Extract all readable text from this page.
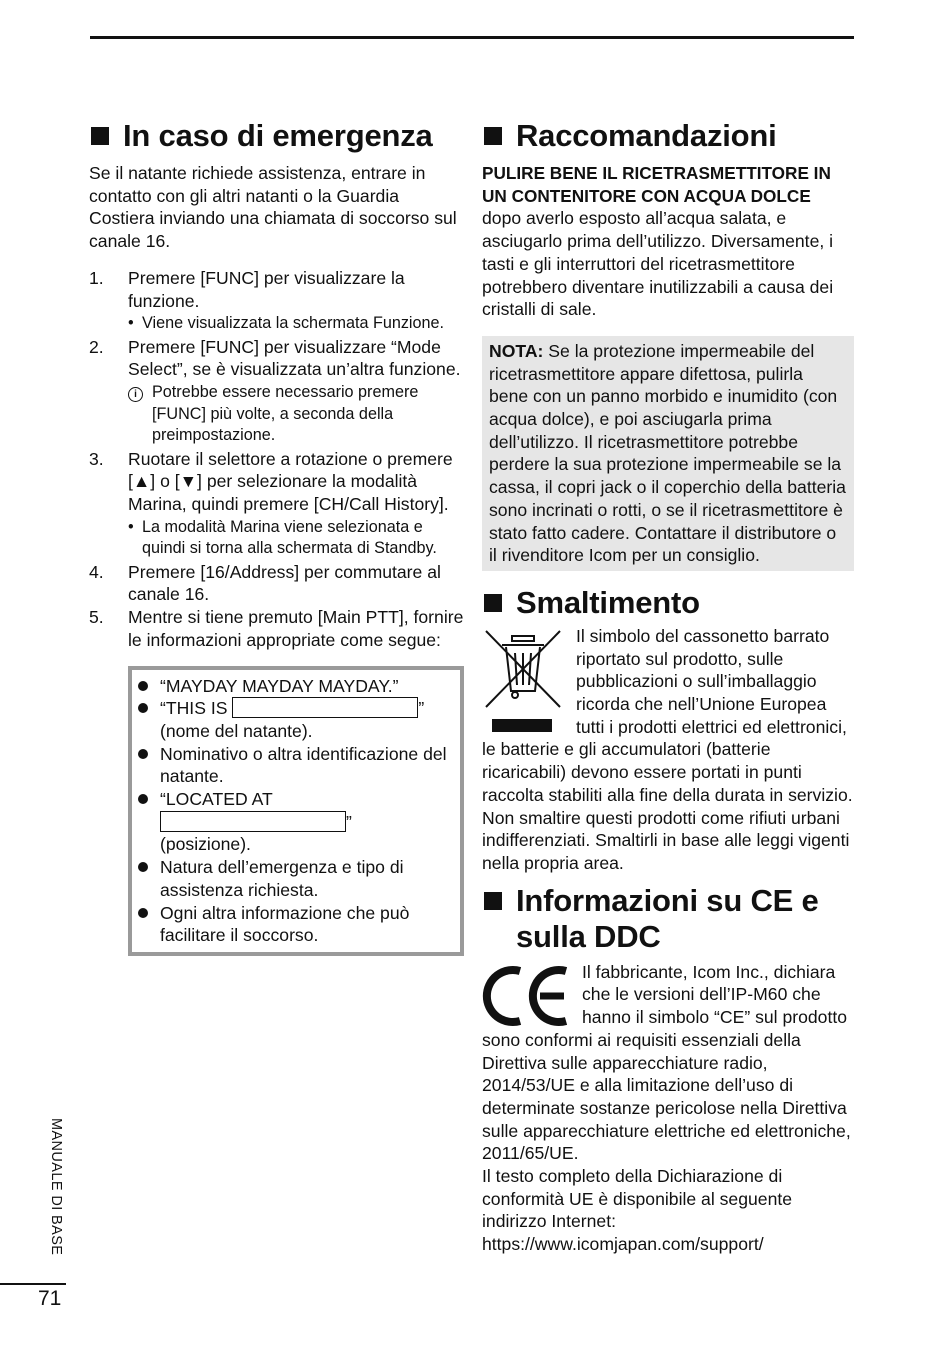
In caso di emergenza

Se il natante richiede assistenza, entrare in contatto con gli altri natanti o la Guardia Costiera inviando una chiamata di soccorso sul canale 16.

1.	Premere [FUNC] per visualizzare la funzione.
• Viene visualizzata la schermata Funzione.
2.	Premere [FUNC] per visualizzare “Mode Select”, se è visualizzata un’altra funzione.
i Potrebbe essere necessario premere [FUNC] più volte, a seconda della preimpostazione.
3.	Ruotare il selettore a rotazione o premere [▲] o [▼] per selezionare la modalità Marina, quindi premere [CH/Call History].
• La modalità Marina viene selezionata e quindi si torna alla schermata di Standby.
4.	Premere [16/Address] per commutare al canale 16.
5.	Mentre si tiene premuto [Main PTT], fornire le informazioni appropriate come segue:
“MAYDAY MAYDAY MAYDAY.”
“THIS IS	”
(nome del natante).
Nominativo o altra identificazione del natante.
“LOCATED AT
”
(posizione).
Natura dell’emergenza e tipo di assistenza richiesta.
Ogni altra informazione che può facilitare il soccorso.
Raccomandazioni

PULIRE BENE IL RICETRASMETTITORE IN UN CONTENITORE CON ACQUA DOLCE dopo averlo esposto all’acqua salata, e asciugarlo prima dell’utilizzo. Diversamente, i tasti e gli interruttori del ricetrasmettitore potrebbero diventare inutilizzabili a causa dei cristalli di sale.

NOTA: Se la protezione impermeabile del ricetrasmettitore appare difettosa, pulirla bene con un panno morbido e inumidito (con acqua dolce), e poi asciugarla prima dell’utilizzo. Il ricetrasmettitore potrebbe perdere la sua protezione impermeabile se la cassa, il copri jack o il coperchio della batteria sono incrinati o rotti, o se il ricetrasmettitore è stato fatto cadere. Contattare il distributore o il rivenditore Icom per un consiglio.
Smaltimento

Il simbolo del cassonetto barrato riportato sul prodotto, sulle pubblicazioni o sull’imballaggio ricorda che nell’Unione Europea tutti i prodotti elettrici ed elettronici, le batterie e gli accumulatori (batterie ricaricabili) devono essere portati in punti raccolta stabiliti alla fine della durata in servizio. Non smaltire questi prodotti come rifiuti urbani indifferenziati. Smaltirli in base alle leggi vigenti nella propria area.

Informazioni su CE e
sulla DDC

Il fabbricante, Icom Inc., dichiara che le versioni dell’IP-M60 che hanno il simbolo “CE” sul prodotto sono conformi ai requisiti essenziali della Direttiva sulle apparecchiature radio, 2014/53/UE e alla limitazione dell’uso di determinate sostanze pericolose nella Direttiva sulle apparecchiature elettriche ed elettroniche, 2011/65/UE.

Il testo completo della Dichiarazione di conformità UE è disponibile al seguente indirizzo Internet:

https://www.icomjapan.com/support/

MANUALE DI BASE
71
